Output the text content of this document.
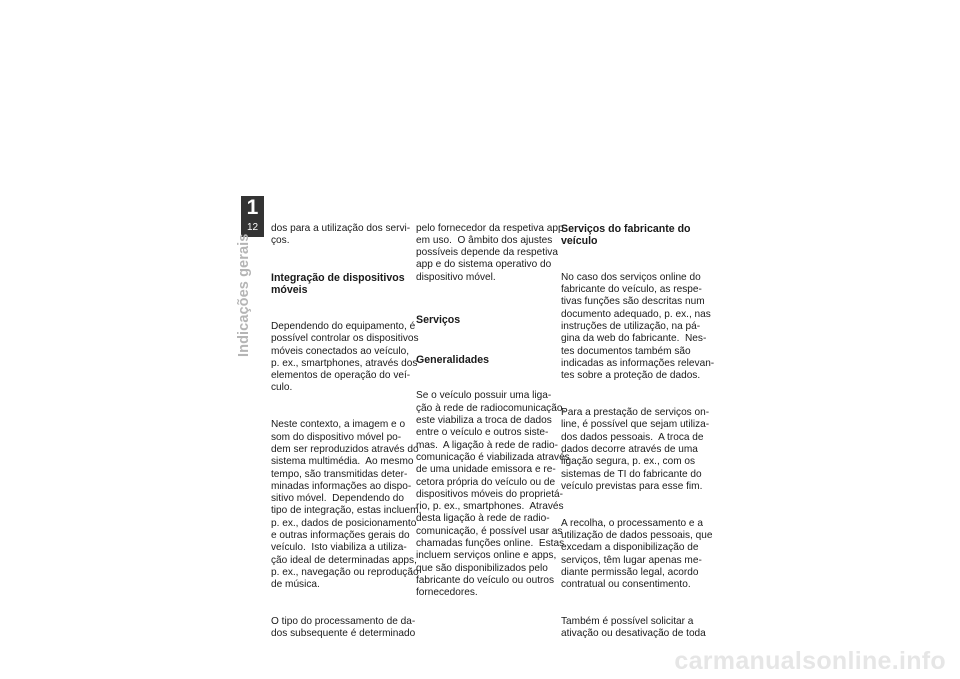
1
12
Indicações gerais

dos para a utilização dos servi-
ços.

Integração de dispositivos
móveis

Dependendo do equipamento, é
possível controlar os dispositivos
móveis conectados ao veículo,
p. ex., smartphones, através dos
elementos de operação do veí-
culo.

Neste contexto, a imagem e o
som do dispositivo móvel po-
dem ser reproduzidos através do
sistema multimédia.  Ao mesmo
tempo, são transmitidas deter-
minadas informações ao dispo-
sitivo móvel.  Dependendo do
tipo de integração, estas incluem,
p. ex., dados de posicionamento
e outras informações gerais do
veículo.  Isto viabiliza a utiliza-
ção ideal de determinadas apps,
p. ex., navegação ou reprodução
de música.

O tipo do processamento de da-
dos subsequente é determinado

pelo fornecedor da respetiva app
em uso.  O âmbito dos ajustes
possíveis depende da respetiva
app e do sistema operativo do
dispositivo móvel.

Serviços

Generalidades

Se o veículo possuir uma liga-
ção à rede de radiocomunicação,
este viabiliza a troca de dados
entre o veículo e outros siste-
mas.  A ligação à rede de radio-
comunicação é viabilizada através
de uma unidade emissora e re-
cetora própria do veículo ou de
dispositivos móveis do proprietá-
rio, p. ex., smartphones.  Através
desta ligação à rede de radio-
comunicação, é possível usar as
chamadas funções online.  Estas
incluem serviços online e apps,
que são disponibilizados pelo
fabricante do veículo ou outros
fornecedores.

Serviços do fabricante do
veículo

No caso dos serviços online do
fabricante do veículo, as respe-
tivas funções são descritas num
documento adequado, p. ex., nas
instruções de utilização, na pá-
gina da web do fabricante.  Nes-
tes documentos também são
indicadas as informações relevan-
tes sobre a proteção de dados.

Para a prestação de serviços on-
line, é possível que sejam utiliza-
dos dados pessoais.  A troca de
dados decorre através de uma
ligação segura, p. ex., com os
sistemas de TI do fabricante do
veículo previstas para esse fim.

A recolha, o processamento e a
utilização de dados pessoais, que
excedam a disponibilização de
serviços, têm lugar apenas me-
diante permissão legal, acordo
contratual ou consentimento.

Também é possível solicitar a
ativação ou desativação de toda

carmanualsonline.info
